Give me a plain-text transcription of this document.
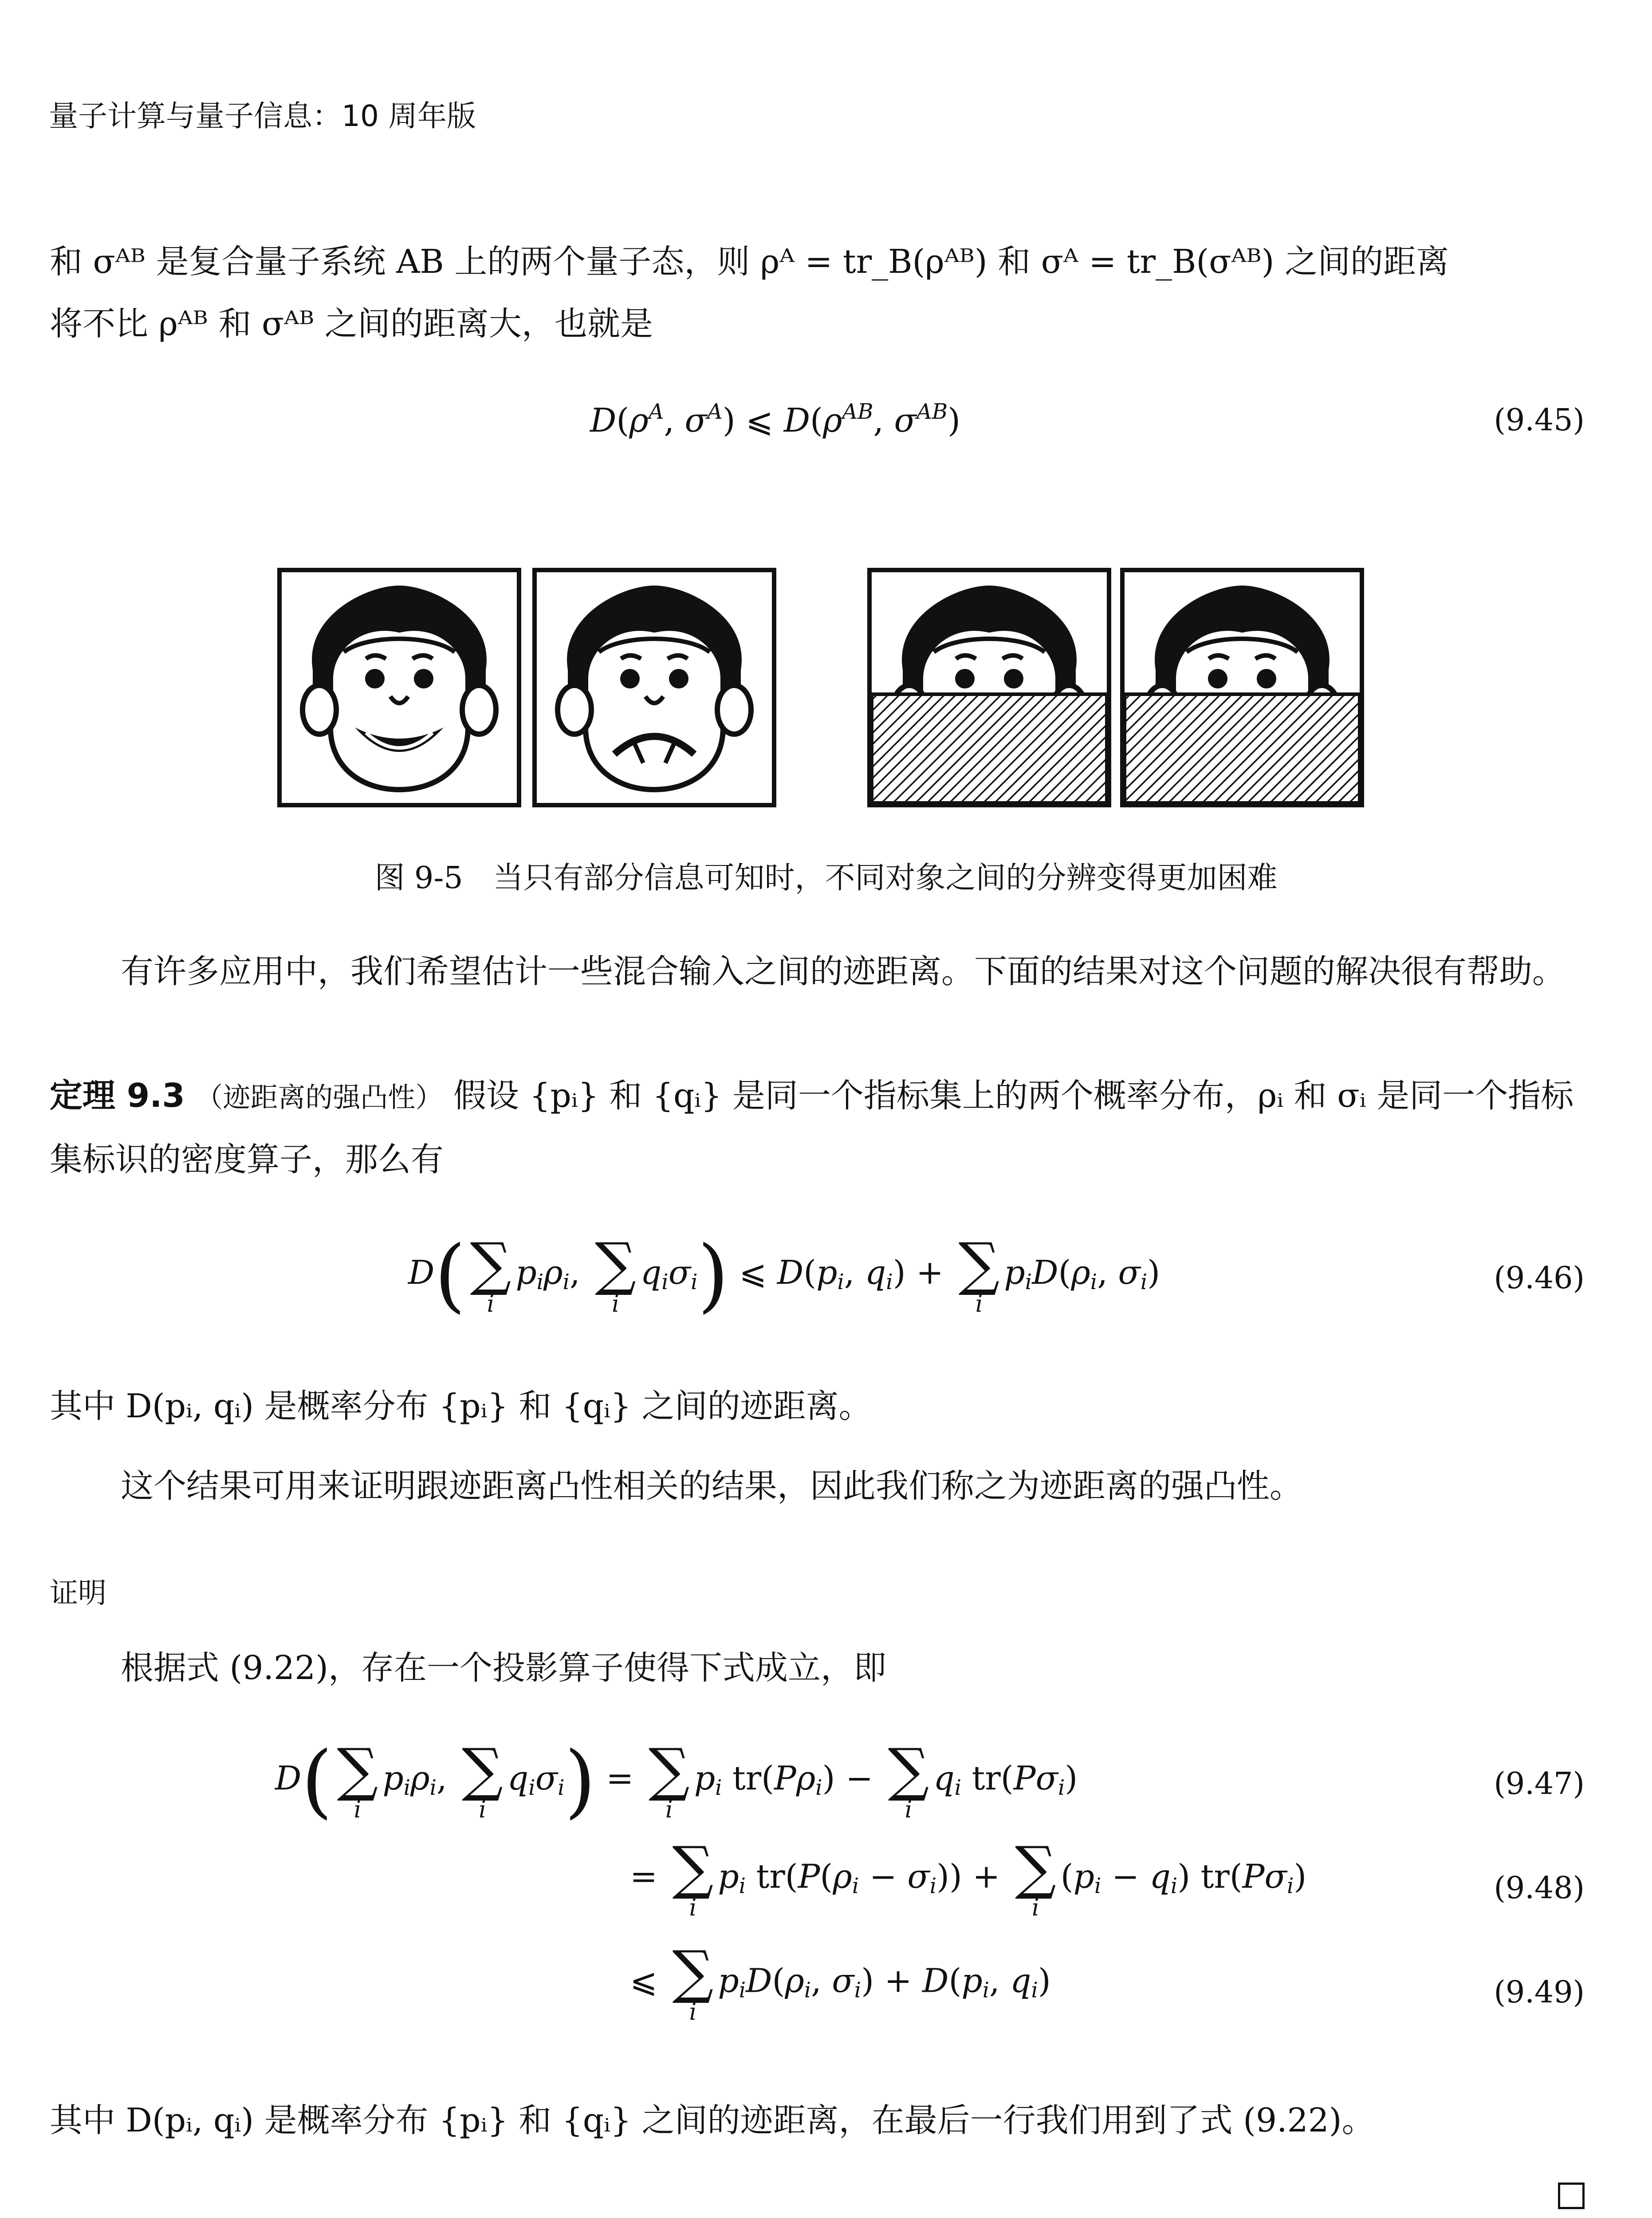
量子计算与量子信息：10 周年版
和 σᴬᴮ 是复合量子系统 AB 上的两个量子态，则 ρᴬ = tr_B(ρᴬᴮ) 和 σᴬ = tr_B(σᴬᴮ) 之间的距离
将不比 ρᴬᴮ 和 σᴬᴮ 之间的距离大，也就是
$D(\rho^A$, $\sigma^A$) ⩽ $D(\rho^{AB}$, $\sigma^{AB}$)	(9.45)
图 9-5　当只有部分信息可知时，不同对象之间的分辨变得更加困难
有许多应用中，我们希望估计一些混合输入之间的迹距离。下面的结果对这个问题的解决很有帮助。
定理 9.3 （迹距离的强凸性） 假设 {pᵢ} 和 {qᵢ} 是同一个指标集上的两个概率分布，ρᵢ 和 σᵢ 是同一个指标集标识的密度算子，那么有
D( ∑
i
$p_i\rho_i$, ∑
i
$q_i\sigma_i$) ⩽ $D(p_i$, $q_i$) + ∑
i
$p_iD(\rho_i$, $\sigma_i$)	(9.46)
其中 D(pᵢ, qᵢ) 是概率分布 {pᵢ} 和 {qᵢ} 之间的迹距离。
这个结果可用来证明跟迹距离凸性相关的结果，因此我们称之为迹距离的强凸性。
证明
根据式 (9.22)，存在一个投影算子使得下式成立，即
D( ∑
i
$p_i\rho_i$, ∑
i
$q_i\sigma_i$) = ∑
i
$p_i$ $tr(P\rho_i)$ − ∑
i
$q_i$ $tr(P\sigma_i)$	(9.47)
= ∑
i
$p_i$ $tr(P(\rho_i - \sigma_i))$ + ∑
i
$(p_i - q_i)$ $tr(P\sigma_i)$	(9.48)
⩽ ∑
i
$p_iD(\rho_i$, $\sigma_i) + D(p_i$, $q_i$)	(9.49)
其中 D(pᵢ, qᵢ) 是概率分布 {pᵢ} 和 {qᵢ} 之间的迹距离，在最后一行我们用到了式 (9.22)。
